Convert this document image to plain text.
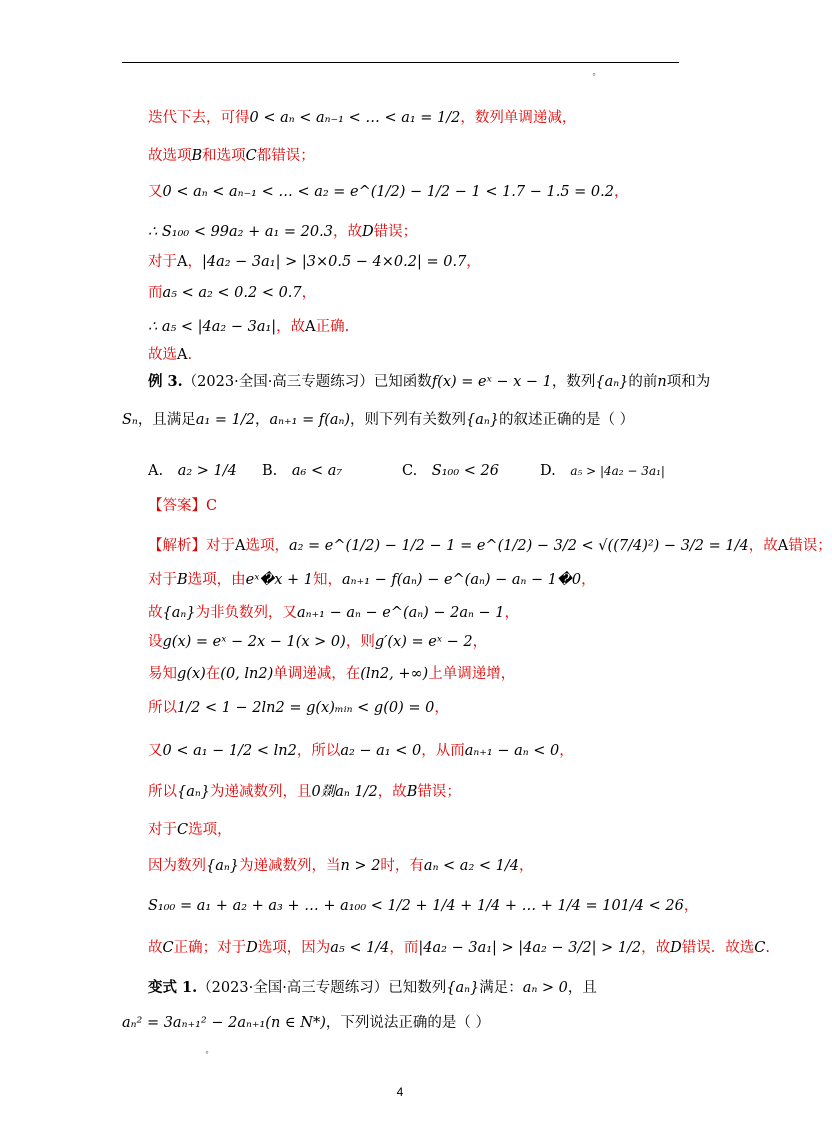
°
°
迭代下去，可得0 < aₙ < aₙ₋₁ < … < a₁ = 1/2，数列单调递减，
故选项B和选项C都错误；
又0 < aₙ < aₙ₋₁ < … < a₂ = e^(1/2) − 1/2 − 1 < 1.7 − 1.5 = 0.2，
∴ S₁₀₀ < 99a₂ + a₁ = 20.3，故D错误；
对于A，|4a₂ − 3a₁| > |3×0.5 − 4×0.2| = 0.7，
而a₅ < a₂ < 0.2 < 0.7，
∴ a₅ < |4a₂ − 3a₁|，故A正确.
故选A.
例 3.（2023·全国·高三专题练习）已知函数f(x) = eˣ − x − 1，数列{aₙ}的前n项和为
Sₙ，且满足a₁ = 1/2，aₙ₊₁ = f(aₙ)，则下列有关数列{aₙ}的叙述正确的是（ ）
【答案】C
【解析】对于A选项，a₂ = e^(1/2) − 1/2 − 1 = e^(1/2) − 3/2 < √((7/4)²) − 3/2 = 1/4，故A错误；
对于B选项，由eˣ�x + 1知，aₙ₊₁ − f(aₙ) − e^(aₙ) − aₙ − 1�0，
故{aₙ}为非负数列，又aₙ₊₁ − aₙ − e^(aₙ) − 2aₙ − 1，
设g(x) = eˣ − 2x − 1(x > 0)，则g′(x) = eˣ − 2，
易知g(x)在(0, ln2)单调递减，在(ln2, +∞)上单调递增，
所以1/2 < 1 − 2ln2 = g(x)ₘᵢₙ < g(0) = 0，
又0 < a₁ − 1/2 < ln2，所以a₂ − a₁ < 0，从而aₙ₊₁ − aₙ < 0，
所以{aₙ}为递减数列，且0剟aₙ 1/2，故B错误；
对于C选项，
因为数列{aₙ}为递减数列，当n > 2时，有aₙ < a₂ < 1/4，
S₁₀₀ = a₁ + a₂ + a₃ + … + a₁₀₀ < 1/2 + 1/4 + 1/4 + … + 1/4 = 101/4 < 26，
故C正确；对于D选项，因为a₅ < 1/4，而|4a₂ − 3a₁| > |4a₂ − 3/2| > 1/2，故D错误．故选C.
变式 1.（2023·全国·高三专题练习）已知数列{aₙ}满足：aₙ > 0，且
aₙ² = 3aₙ₊₁² − 2aₙ₊₁(n ∈ N*)，下列说法正确的是（ ）
A. a₂ > 1/4 B. a₆ < a₇	C. S₁₀₀ < 26	D. a₅ > |4a₂ − 3a₁|
4
